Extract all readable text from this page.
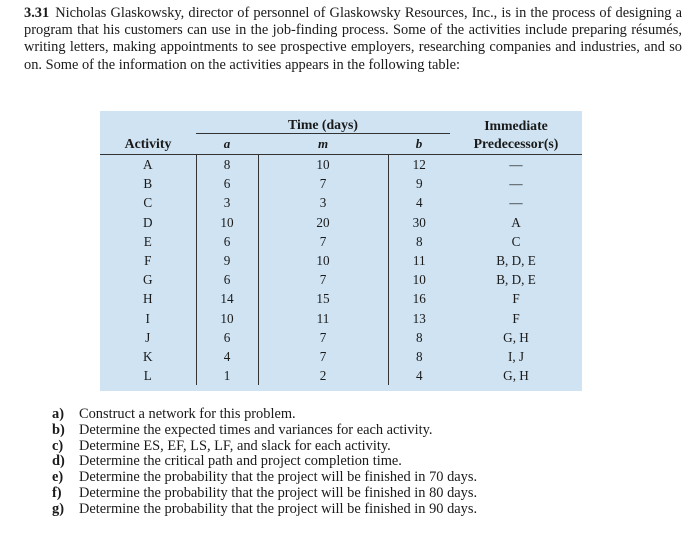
3.31 Nicholas Glaskowsky, director of personnel of Glaskowsky Resources, Inc., is in the process of designing a program that his customers can use in the job-finding process. Some of the activities include preparing résumés, writing letters, making appointments to see prospective employers, researching companies and industries, and so on. Some of the information on the activities appears in the following table:
	Time (days)			Immediate
Activity	a	m	b	Predecessor(s)
A	8	10	12	—
B	6	7	9	—
C	3	3	4	—
D	10	20	30	A
E	6	7	8	C
F	9	10	11	B, D, E
G	6	7	10	B, D, E
H	14	15	16	F
I	10	11	13	F
J	6	7	8	G, H
K	4	7	8	I, J
L	1	2	4	G, H
a)	Construct a network for this problem.
b) Determine the expected times and variances for each activity.
c)	Determine ES, EF, LS, LF, and slack for each activity.
d) Determine the critical path and project completion time.
e)	Determine the probability that the project will be finished in 70 days.
f)	Determine the probability that the project will be finished in 80 days.
g)	Determine the probability that the project will be finished in 90 days.
